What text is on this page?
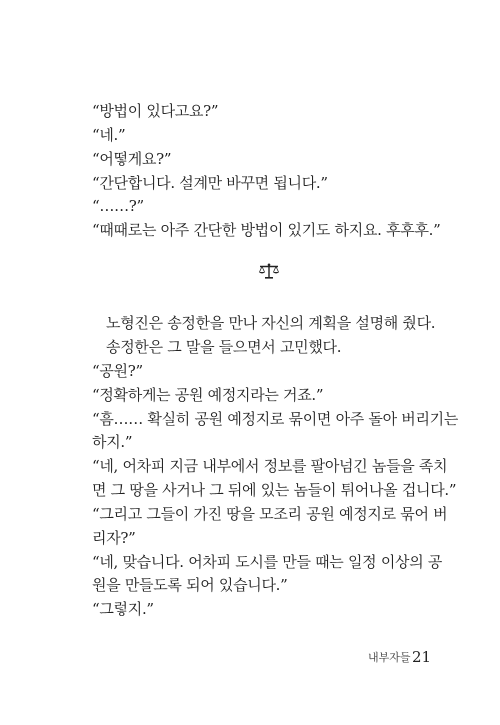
“방법이 있다고요?”
“네.”
“어떻게요?”
“간단합니다. 설계만 바꾸면 됩니다.”
“……?”
“때때로는 아주 간단한 방법이 있기도 하지요. 후후후.”
노형진은 송정한을 만나 자신의 계획을 설명해 줬다.
송정한은 그 말을 들으면서 고민했다.
“공원?”
“정확하게는 공원 예정지라는 거죠.”
“흠…… 확실히 공원 예정지로 묶이면 아주 돌아 버리기는
하지.”
“네, 어차피 지금 내부에서 정보를 팔아넘긴 놈들을 족치
면 그 땅을 사거나 그 뒤에 있는 놈들이 튀어나올 겁니다.”
“그리고 그들이 가진 땅을 모조리 공원 예정지로 묶어 버
리자?”
“네, 맞습니다. 어차피 도시를 만들 때는 일정 이상의 공
원을 만들도록 되어 있습니다.”
“그렇지.”
내부자들 21
